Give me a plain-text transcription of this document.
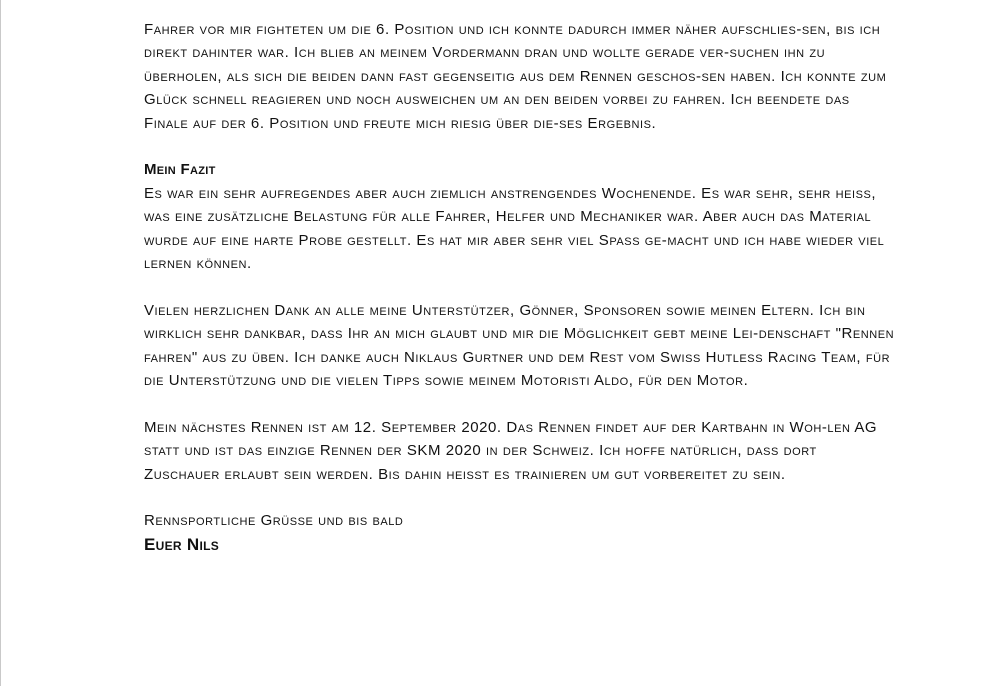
Fahrer vor mir fighteten um die 6. Position und ich konnte dadurch immer näher aufschlies-sen, bis ich direkt dahinter war. Ich blieb an meinem Vordermann dran und wollte gerade ver-suchen ihn zu überholen, als sich die beiden dann fast gegenseitig aus dem Rennen geschos-sen haben. Ich konnte zum Glück schnell reagieren und noch ausweichen um an den beiden vorbei zu fahren. Ich beendete das Finale auf der 6. Position und freute mich riesig über die-ses Ergebnis.

Mein Fazit

Es war ein sehr aufregendes aber auch ziemlich anstrengendes Wochenende. Es war sehr, sehr heiss, was eine zusätzliche Belastung für alle Fahrer, Helfer und Mechaniker war. Aber auch das Material wurde auf eine harte Probe gestellt. Es hat mir aber sehr viel Spass ge-macht und ich habe wieder viel lernen können.

Vielen herzlichen Dank an alle meine Unterstützer, Gönner, Sponsoren sowie meinen Eltern. Ich bin wirklich sehr dankbar, dass Ihr an mich glaubt und mir die Möglichkeit gebt meine Lei-denschaft "Rennen fahren" aus zu üben. Ich danke auch Niklaus Gurtner und dem Rest vom Swiss Hutless Racing Team, für die Unterstützung und die vielen Tipps sowie meinem Motoristi Aldo, für den Motor.

Mein nächstes Rennen ist am 12. September 2020. Das Rennen findet auf der Kartbahn in Woh-len AG statt und ist das einzige Rennen der SKM 2020 in der Schweiz. Ich hoffe natürlich, dass dort Zuschauer erlaubt sein werden. Bis dahin heisst es trainieren um gut vorbereitet zu sein.

Rennsportliche Grüsse und bis bald

Euer Nils
